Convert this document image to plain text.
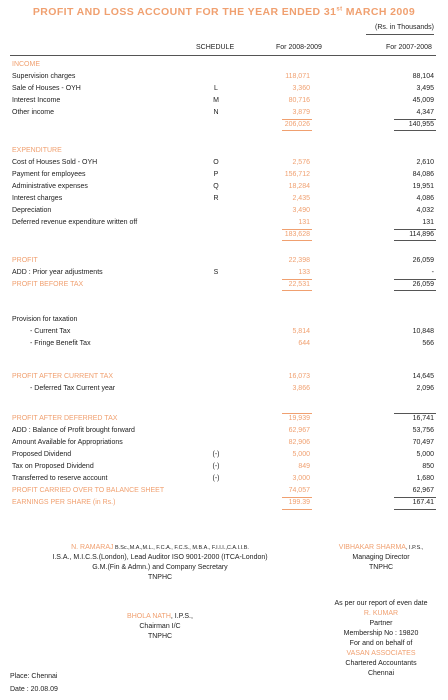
PROFIT AND LOSS ACCOUNT FOR THE YEAR ENDED 31st MARCH 2009
(Rs. in Thousands)
SCHEDULE	For 2008-2009	For 2007-2008
INCOME
Supervision charges	118,071	88,104
Sale of Houses - OYH	L	3,360	3,495
Interest Income	M	80,716	45,009
Other income	N	3,879	4,347
206,026	140,955
EXPENDITURE
Cost of Houses Sold - OYH	O	2,576	2,610
Payment for employees	P	156,712	84,086
Administrative expenses	Q	18,284	19,951
Interest charges	R	2,435	4,086
Depreciation	3,490	4,032
Deferred revenue expenditure written off	131	131
183,628	114,896
PROFIT	22,398	26,059
ADD : Prior year adjustments	S	133	-
PROFIT BEFORE TAX	22,531	26,059
Provision for taxation
- Current Tax	5,814	10,848
- Fringe Benefit Tax	644	566
PROFIT AFTER CURRENT TAX	16,073	14,645
- Deferred Tax Current year	3,866	2,096
PROFIT AFTER DEFERRED TAX	19,939	16,741
ADD : Balance of Profit brought forward	62,967	53,756
Amount Available for Appropriations	82,906	70,497
Proposed Dividend	(-)	5,000	5,000
Tax on Proposed Dividend	(-)	849	850
Transferred to reserve account	(-)	3,000	1,680
PROFIT CARRIED OVER TO BALANCE SHEET	74,057	62,967
EARNINGS PER SHARE (in Rs.)	199.39	167.41
N. RAMARAJ B.Sc.,M.A.,M.L., F.C.A., F.C.S., M.B.A., F.I.I.I.,C.A.I.I.B.
I.S.A., M.I.C.S.(London), Lead Auditor ISO 9001-2000 (ITCA-London)
G.M.(Fin & Admn.) and Company Secretary
TNPHC
VIBHAKAR SHARMA, I.P.S.,
Managing Director
TNPHC
BHOLA NATH, I.P.S.,
Chairman I/C
TNPHC
As per our report of even date
R. KUMAR
Partner
Membership No : 19820
For and on behalf of
VASAN ASSOCIATES
Chartered Accountants
Chennai
Place: Chennai
Date : 20.08.09
